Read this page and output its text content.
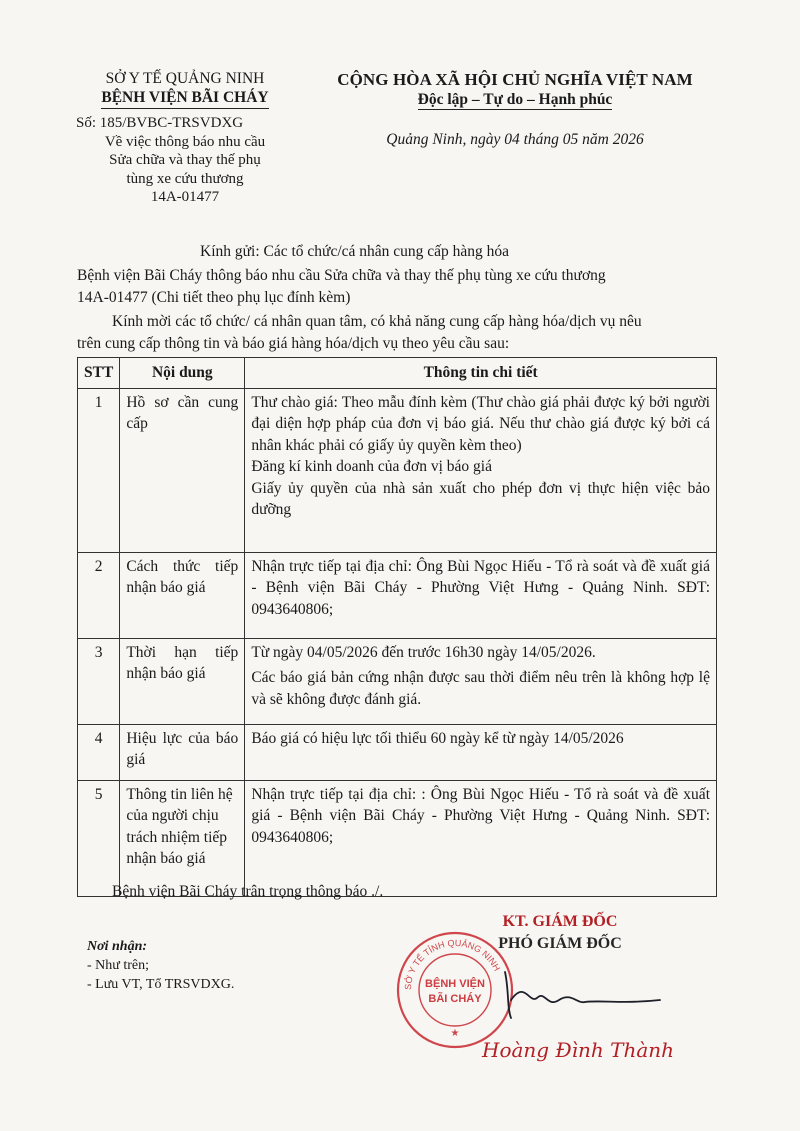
SỞ Y TẾ QUẢNG NINH
BỆNH VIỆN BÃI CHÁY
Số: 185/BVBC-TRSVDXG
Về việc thông báo nhu cầu
Sửa chữa và thay thế phụ
tùng xe cứu thương
14A-01477
CỘNG HÒA XÃ HỘI CHỦ NGHĨA VIỆT NAM
Độc lập – Tự do – Hạnh phúc
Quảng Ninh, ngày 04 tháng 05 năm 2026
Kính gửi: Các tổ chức/cá nhân cung cấp hàng hóa
Bệnh viện Bãi Cháy thông báo nhu cầu Sửa chữa và thay thế phụ tùng xe cứu thương
14A-01477 (Chi tiết theo phụ lục đính kèm)
Kính mời các tổ chức/ cá nhân quan tâm, có khả năng cung cấp hàng hóa/dịch vụ nêu
trên cung cấp thông tin và báo giá hàng hóa/dịch vụ theo yêu cầu sau:
STT	Nội dung	Thông tin chi tiết
1	Hồ sơ cần cung cấp	Thư chào giá: Theo mẫu đính kèm (Thư chào giá phải được ký bởi người đại diện hợp pháp của đơn vị báo giá. Nếu thư chào giá được ký bởi cá nhân khác phải có giấy ủy quyền kèm theo)
Đăng kí kinh doanh của đơn vị báo giá
Giấy ủy quyền của nhà sản xuất cho phép đơn vị thực hiện việc bảo dưỡng

2	Cách thức tiếp nhận báo giá	Nhận trực tiếp tại địa chỉ: Ông Bùi Ngọc Hiếu - Tổ rà soát và đề xuất giá - Bệnh viện Bãi Cháy - Phường Việt Hưng - Quảng Ninh. SĐT: 0943640806;

3	Thời hạn tiếp nhận báo giá	Từ ngày 04/05/2026 đến trước 16h30 ngày 14/05/2026.
Các báo giá bản cứng nhận được sau thời điểm nêu trên là không hợp lệ và sẽ không được đánh giá.

4	Hiệu lực của báo giá	Báo giá có hiệu lực tối thiểu 60 ngày kể từ ngày 14/05/2026

5	Thông tin liên hệ của người chịu trách nhiệm tiếp nhận báo giá	Nhận trực tiếp tại địa chỉ: : Ông Bùi Ngọc Hiếu - Tổ rà soát và đề xuất giá - Bệnh viện Bãi Cháy - Phường Việt Hưng - Quảng Ninh. SĐT: 0943640806;
Bệnh viện Bãi Cháy trân trọng thông báo ./.
Nơi nhận:
- Như trên;
- Lưu VT, Tổ TRSVDXG.	SỞ Y TẾ TỈNH QUẢNG NINH
BỆNH VIỆN
BÃI CHÁY
★
KT. GIÁM ĐỐC
PHÓ GIÁM ĐỐC
Hoàng Đình Thành
